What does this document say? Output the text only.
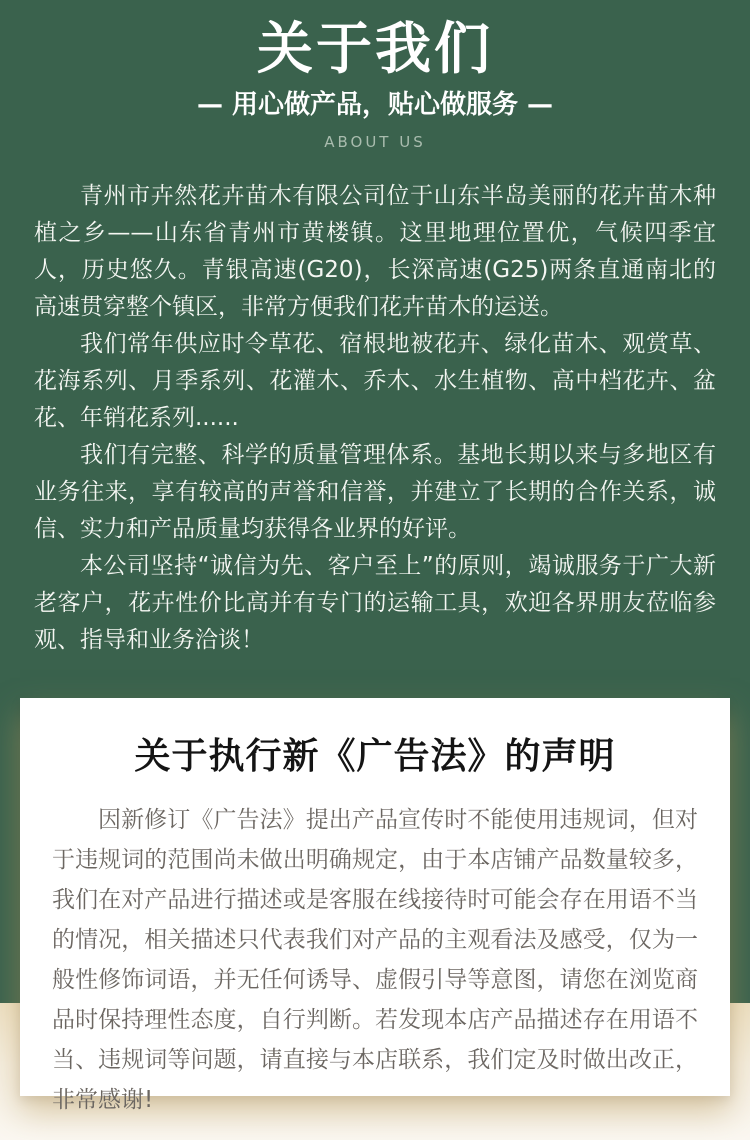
关于我们
— 用心做产品，贴心做服务 —
ABOUT US

青州市卉然花卉苗木有限公司位于山东半岛美丽的花卉苗木种植之乡——山东省青州市黄楼镇。这里地理位置优，气候四季宜人，历史悠久。青银高速(G20)，长深高速(G25)两条直通南北的高速贯穿整个镇区，非常方便我们花卉苗木的运送。

我们常年供应时令草花、宿根地被花卉、绿化苗木、观赏草、花海系列、月季系列、花灌木、乔木、水生植物、高中档花卉、盆花、年销花系列......

我们有完整、科学的质量管理体系。基地长期以来与多地区有业务往来，享有较高的声誉和信誉，并建立了长期的合作关系，诚信、实力和产品质量均获得各业界的好评。

本公司坚持“诚信为先、客户至上”的原则，竭诚服务于广大新老客户，花卉性价比高并有专门的运输工具，欢迎各界朋友莅临参观、指导和业务洽谈！

关于执行新《广告法》的声明

因新修订《广告法》提出产品宣传时不能使用违规词，但对于违规词的范围尚未做出明确规定，由于本店铺产品数量较多，我们在对产品进行描述或是客服在线接待时可能会存在用语不当的情况，相关描述只代表我们对产品的主观看法及感受，仅为一般性修饰词语，并无任何诱导、虚假引导等意图，请您在浏览商品时保持理性态度，自行判断。若发现本店产品描述存在用语不当、违规词等问题，请直接与本店联系，我们定及时做出改正，非常感谢!
